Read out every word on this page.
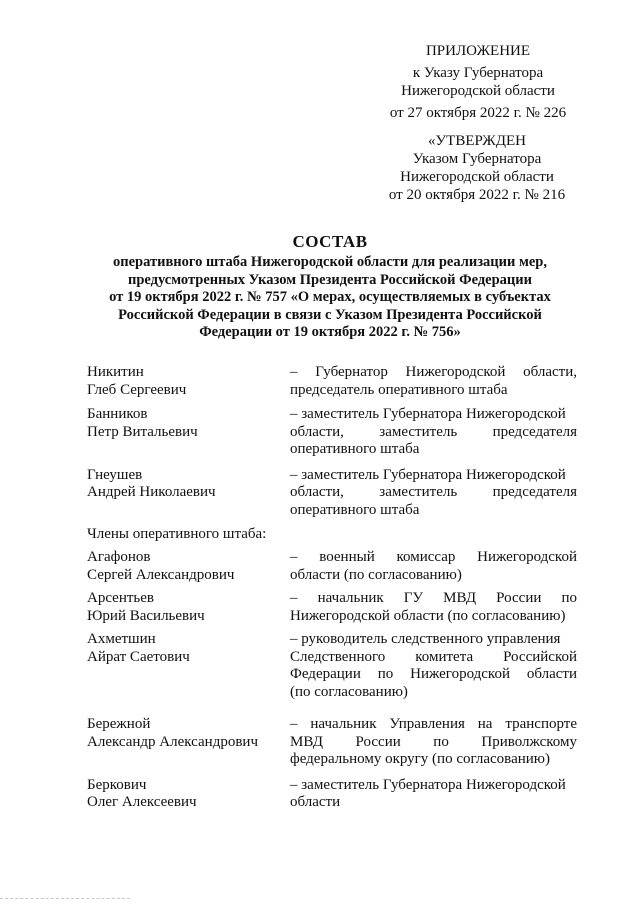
ПРИЛОЖЕНИЕ
к Указу Губернатора
Нижегородской области
от 27 октября 2022 г. № 226
«УТВЕРЖДЕН
Указом Губернатора
Нижегородской области
от 20 октября 2022 г. № 216
СОСТАВ
оперативного штаба Нижегородской области для реализации мер,
предусмотренных Указом Президента Российской Федерации
от 19 октября 2022 г. № 757 «О мерах, осуществляемых в субъектах
Российской Федерации в связи с Указом Президента Российской
Федерации от 19 октября 2022 г. № 756»
Никитин
Глеб Сергеевич
– Губернатор Нижегородской области,
председатель оперативного штаба
Банников
Петр Витальевич
– заместитель Губернатора Нижегородской
области, заместитель председателя
оперативного штаба
Гнеушев
Андрей Николаевич
– заместитель Губернатора Нижегородской
области, заместитель председателя
оперативного штаба
Члены оперативного штаба:
Агафонов
Сергей Александрович
– военный комиссар Нижегородской
области (по согласованию)
Арсентьев
Юрий Васильевич
– начальник ГУ МВД России по
Нижегородской области (по согласованию)
Ахметшин
Айрат Саетович
– руководитель следственного управления
Следственного комитета Российской
Федерации по Нижегородской области
(по согласованию)
Бережной
Александр Александрович
– начальник Управления на транспорте
МВД России по Приволжскому
федеральному округу (по согласованию)
Беркович
Олег Алексеевич
– заместитель Губернатора Нижегородской
области
